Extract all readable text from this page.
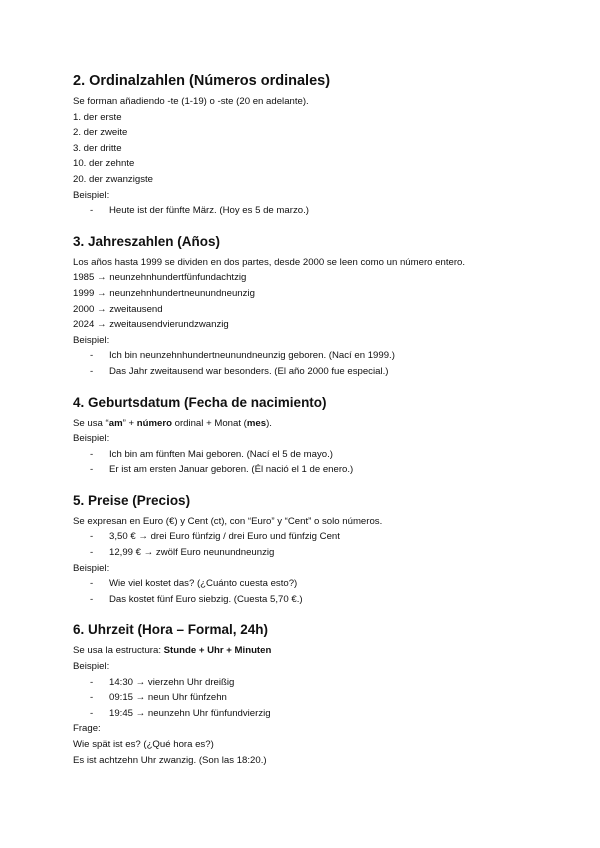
2. Ordinalzahlen (Números ordinales)
Se forman añadiendo -te (1-19) o -ste (20 en adelante).
1. der erste
2. der zweite
3. der dritte
10. der zehnte
20. der zwanzigste
Beispiel:
- Heute ist der fünfte März. (Hoy es 5 de marzo.)
3. Jahreszahlen (Años)
Los años hasta 1999 se dividen en dos partes, desde 2000 se leen como un número entero.
1985 → neunzehnhundertfünfundachtzig
1999 → neunzehnhundertneunundneunzig
2000 → zweitausend
2024 → zweitausendvierundzwanzig
Beispiel:
- Ich bin neunzehnhundertneunundneunzig geboren. (Nací en 1999.)
- Das Jahr zweitausend war besonders. (El año 2000 fue especial.)
4. Geburtsdatum (Fecha de nacimiento)
Se usa “am” + número ordinal + Monat (mes).
Beispiel:
- Ich bin am fünften Mai geboren. (Nací el 5 de mayo.)
- Er ist am ersten Januar geboren. (Él nació el 1 de enero.)
5. Preise (Precios)
Se expresan en Euro (€) y Cent (ct), con “Euro” y “Cent” o solo números.
- 3,50 € → drei Euro fünfzig / drei Euro und fünfzig Cent
- 12,99 € → zwölf Euro neunundneunzig
Beispiel:
- Wie viel kostet das? (¿Cuánto cuesta esto?)
- Das kostet fünf Euro siebzig. (Cuesta 5,70 €.)
6. Uhrzeit (Hora – Formal, 24h)
Se usa la estructura: Stunde + Uhr + Minuten
Beispiel:
- 14:30 → vierzehn Uhr dreißig
- 09:15 → neun Uhr fünfzehn
- 19:45 → neunzehn Uhr fünfundvierzig
Frage:
Wie spät ist es? (¿Qué hora es?)
Es ist achtzehn Uhr zwanzig. (Son las 18:20.)
